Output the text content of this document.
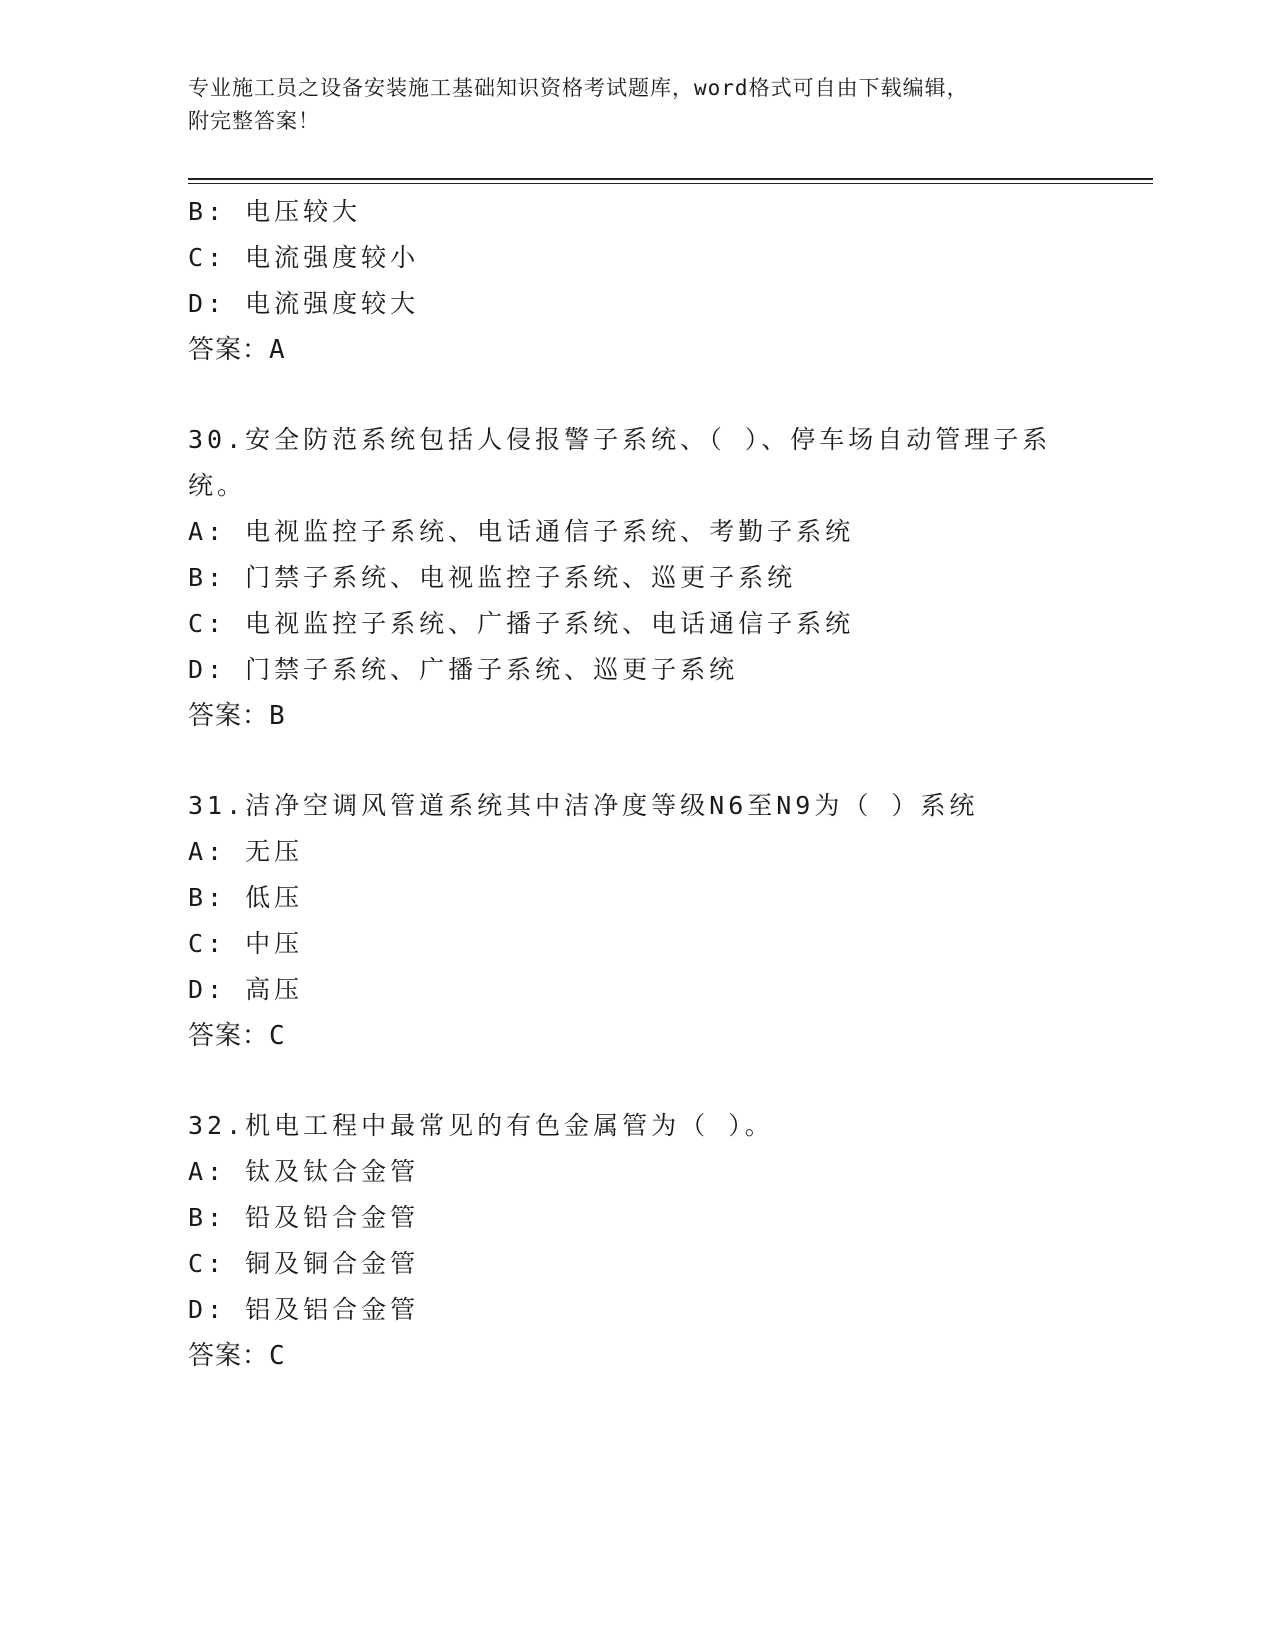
专业施工员之设备安装施工基础知识资格考试题库，word格式可自由下载编辑，
附完整答案！
B: 电压较大
C: 电流强度较小
D: 电流强度较大
答案：A
30.安全防范系统包括人侵报警子系统、（ ）、停车场自动管理子系
统。
A: 电视监控子系统、电话通信子系统、考勤子系统
B: 门禁子系统、电视监控子系统、巡更子系统
C: 电视监控子系统、广播子系统、电话通信子系统
D: 门禁子系统、广播子系统、巡更子系统
答案：B
31.洁净空调风管道系统其中洁净度等级N6至N9为（ ）系统
A: 无压
B: 低压
C: 中压
D: 高压
答案：C
32.机电工程中最常见的有色金属管为（ ）。
A: 钛及钛合金管
B: 铅及铅合金管
C: 铜及铜合金管
D: 铝及铝合金管
答案：C
